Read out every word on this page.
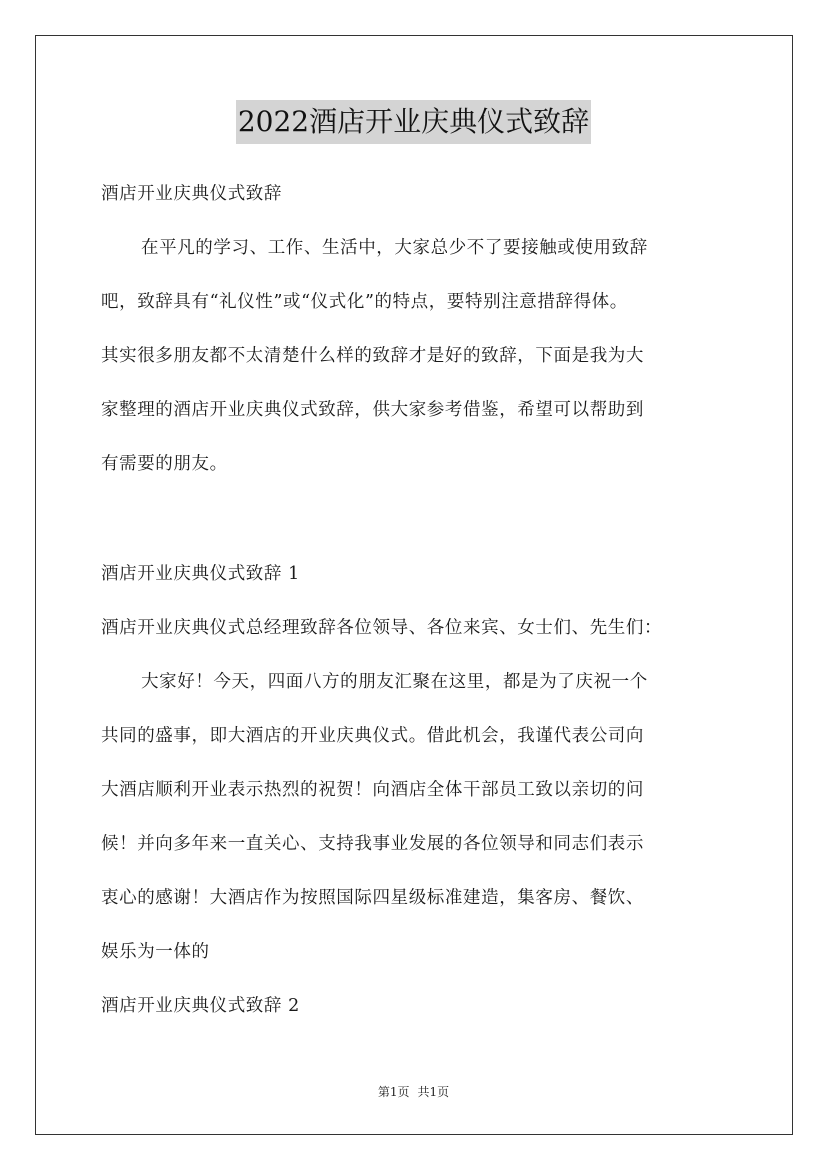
2022酒店开业庆典仪式致辞
酒店开业庆典仪式致辞
在平凡的学习、工作、生活中，大家总少不了要接触或使用致辞
吧，致辞具有“礼仪性”或“仪式化”的特点，要特别注意措辞得体。
其实很多朋友都不太清楚什么样的致辞才是好的致辞，下面是我为大
家整理的酒店开业庆典仪式致辞，供大家参考借鉴，希望可以帮助到
有需要的朋友。
酒店开业庆典仪式致辞 1
酒店开业庆典仪式总经理致辞各位领导、各位来宾、女士们、先生们：
大家好！今天，四面八方的朋友汇聚在这里，都是为了庆祝一个
共同的盛事，即大酒店的开业庆典仪式。借此机会，我谨代表公司向
大酒店顺利开业表示热烈的祝贺！向酒店全体干部员工致以亲切的问
候！并向多年来一直关心、支持我事业发展的各位领导和同志们表示
衷心的感谢！大酒店作为按照国际四星级标准建造，集客房、餐饮、
娱乐为一体的
酒店开业庆典仪式致辞 2
第1页 共1页
